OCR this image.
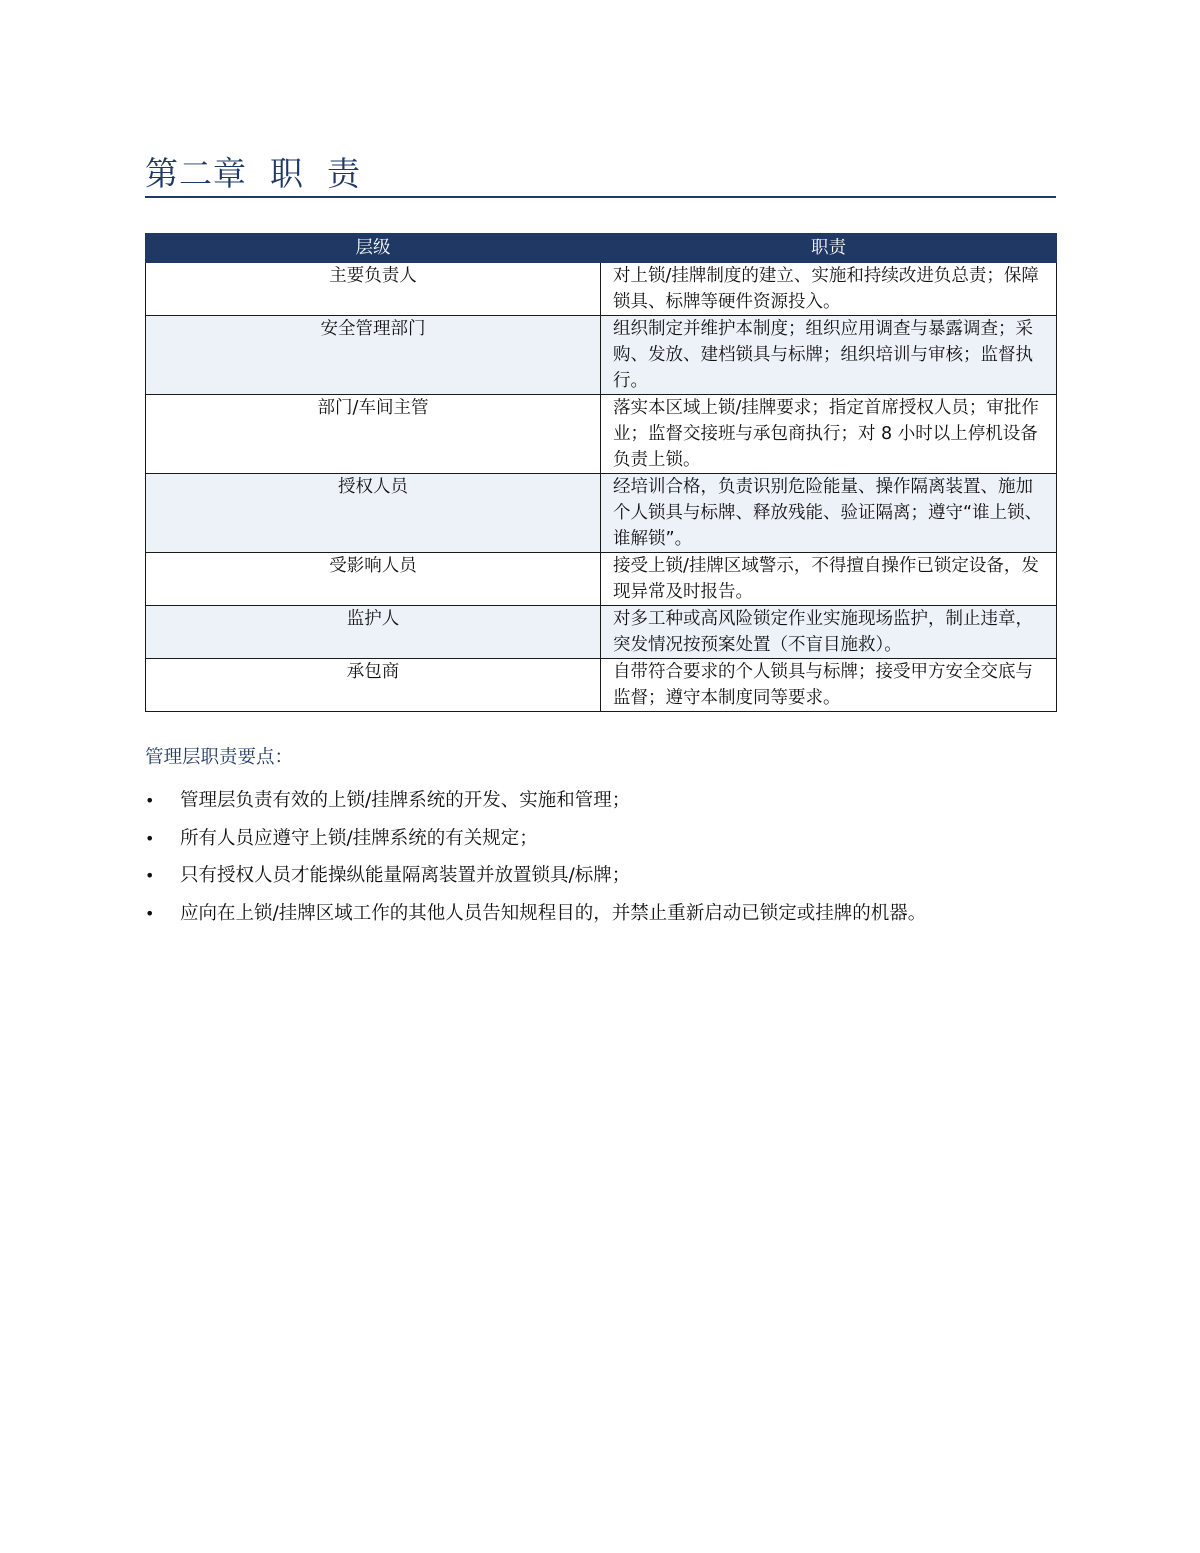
第二章  职  责
层级	职责
主要负责人	对上锁/挂牌制度的建立、实施和持续改进负总责；保障锁具、标牌等硬件资源投入。
安全管理部门	组织制定并维护本制度；组织应用调查与暴露调查；采购、发放、建档锁具与标牌；组织培训与审核；监督执行。
部门/车间主管	落实本区域上锁/挂牌要求；指定首席授权人员；审批作业；监督交接班与承包商执行；对 8 小时以上停机设备负责上锁。
授权人员	经培训合格，负责识别危险能量、操作隔离装置、施加个人锁具与标牌、释放残能、验证隔离；遵守“谁上锁、谁解锁”。
受影响人员	接受上锁/挂牌区域警示，不得擅自操作已锁定设备，发现异常及时报告。
监护人	对多工种或高风险锁定作业实施现场监护，制止违章，突发情况按预案处置（不盲目施救）。
承包商	自带符合要求的个人锁具与标牌；接受甲方安全交底与监督；遵守本制度同等要求。
管理层职责要点：
• 管理层负责有效的上锁/挂牌系统的开发、实施和管理；
• 所有人员应遵守上锁/挂牌系统的有关规定；
• 只有授权人员才能操纵能量隔离装置并放置锁具/标牌；
• 应向在上锁/挂牌区域工作的其他人员告知规程目的，并禁止重新启动已锁定或挂牌的机器。
